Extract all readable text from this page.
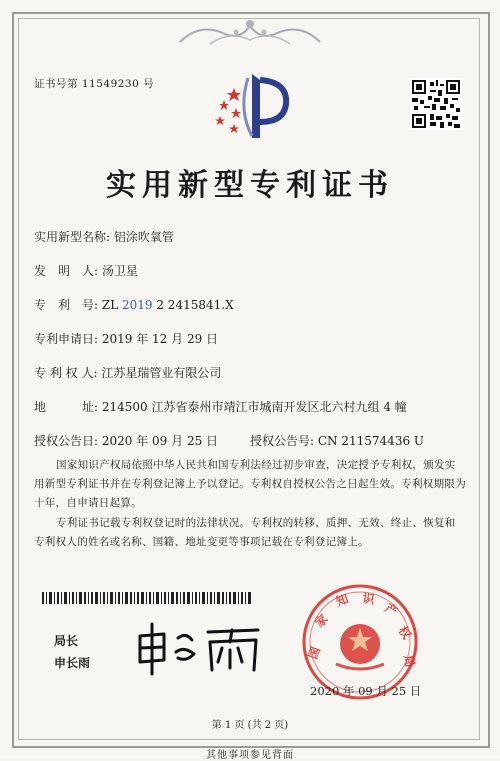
证书号第 11549230 号
实用新型专利证书
实用新型名称: 铝涂吹氧管
发　明　人: 汤卫星
专　利　号: ZL 2019 2 2415841.X
专利申请日: 2019 年 12 月 29 日
专 利 权 人: 江苏星瑞管业有限公司
地　　　址: 214500 江苏省泰州市靖江市城南开发区北六村九组 4 幢
授权公告日: 2020 年 09 月 25 日	授权公告号: CN 211574436 U
国家知识产权局依照中华人民共和国专利法经过初步审查，决定授予专利权，颁发实用新型专利证书并在专利登记簿上予以登记。专利权自授权公告之日起生效。专利权期限为十年，自申请日起算。
专利证书记载专利权登记时的法律状况。专利权的转移、质押、无效、终止、恢复和专利权人的姓名或名称、国籍、地址变更等事项记载在专利登记簿上。
局长
申长雨
国
家
知 识
产
权
局
2020 年 09 月 25 日
第 1 页 (共 2 页)
其他事项参见背面
